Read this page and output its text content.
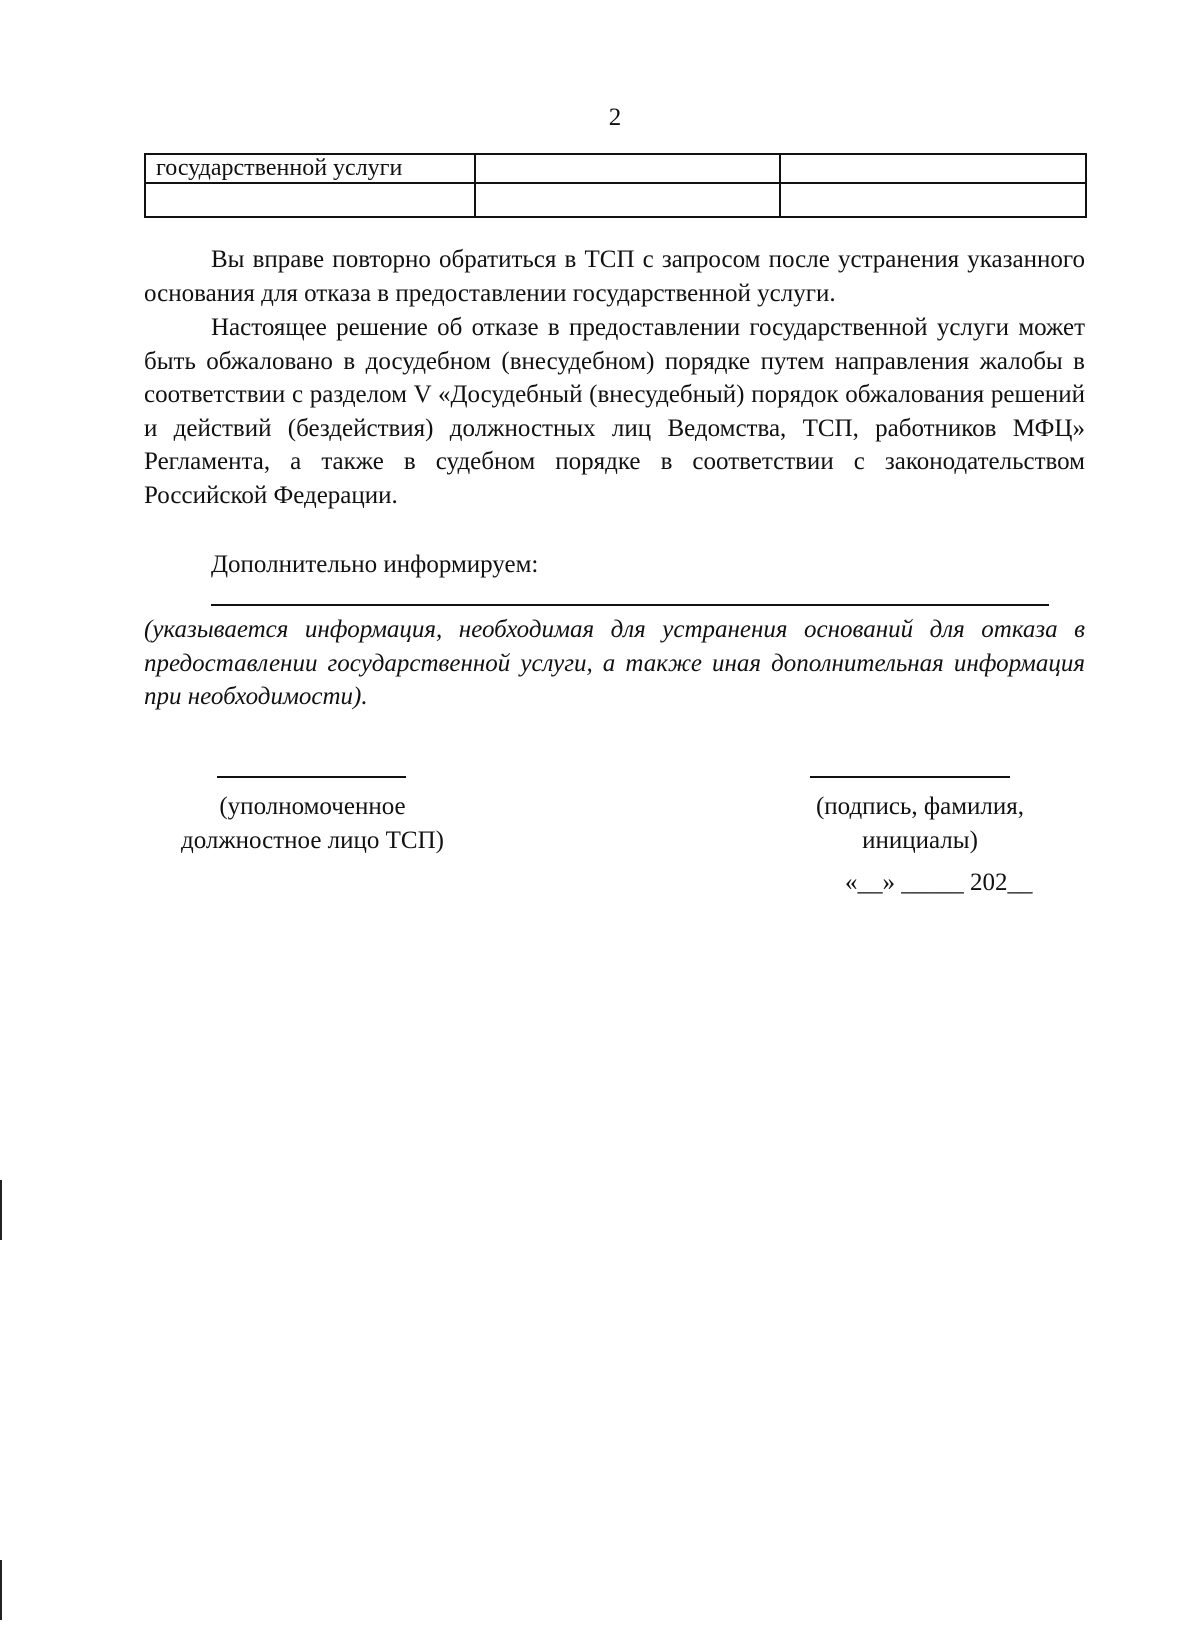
2
государственной услуги		

Вы вправе повторно обратиться в ТСП с запросом после устранения указанного основания для отказа в предоставлении государственной услуги.

Настоящее решение об отказе в предоставлении государственной услуги может быть обжаловано в досудебном (внесудебном) порядке путем направления жалобы в соответствии с разделом V «Досудебный (внесудебный) порядок обжалования решений и действий (бездействия) должностных лиц Ведомства, ТСП, работников МФЦ» Регламента, а также в судебном порядке в соответствии с законодательством Российской Федерации.

Дополнительно информируем:

(указывается информация, необходимая для устранения оснований для отказа в предоставлении государственной услуги, а также иная дополнительная информация при необходимости).

(уполномоченное
должностное лицо ТСП)
(подпись, фамилия,
инициалы)

«__» _____ 202__
